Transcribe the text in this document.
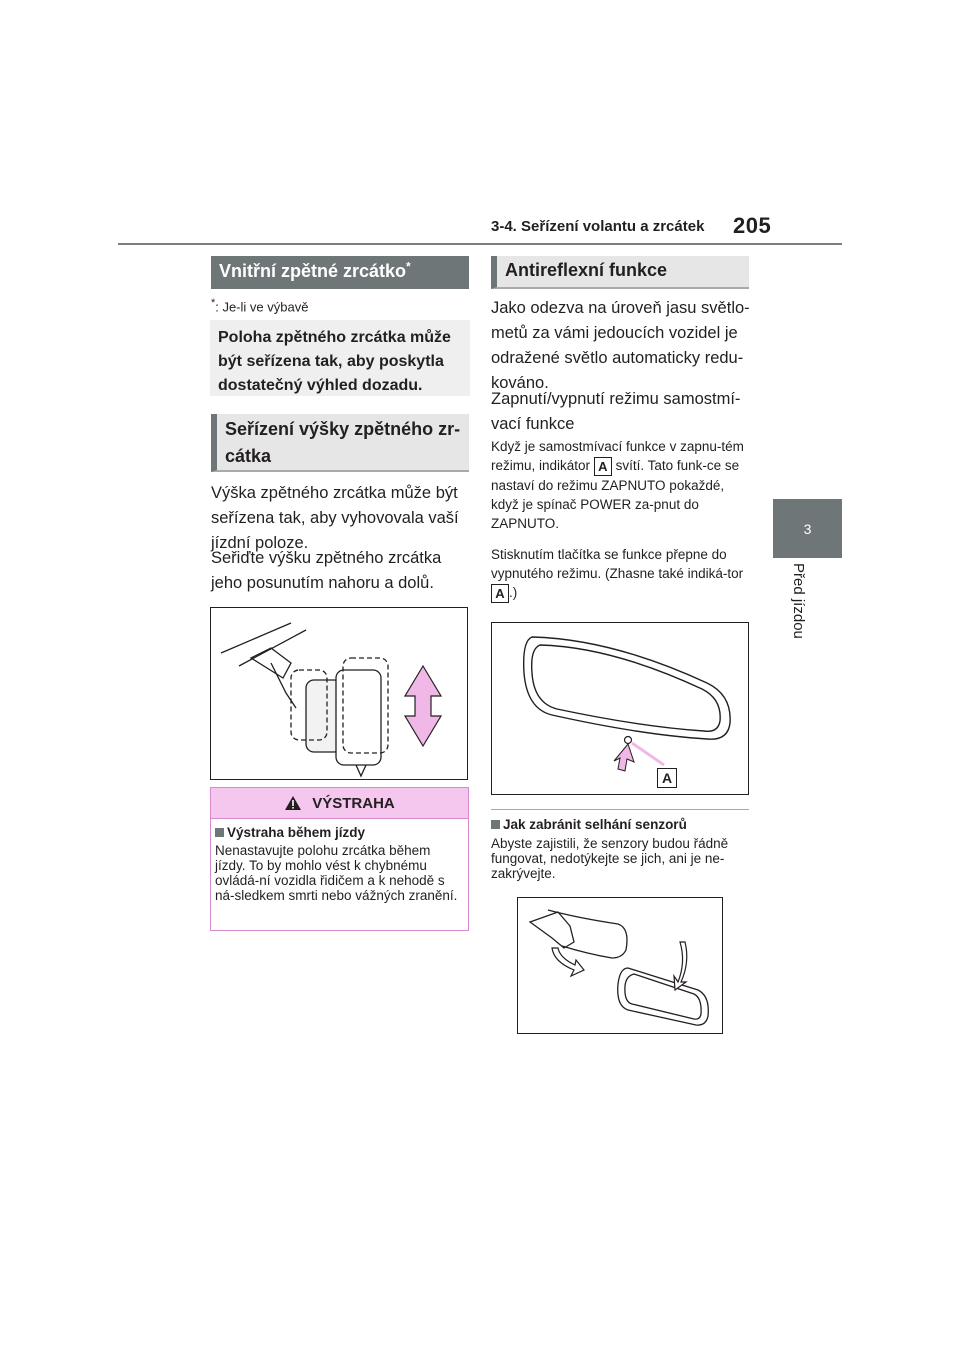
3-4. Seřízení volantu a zrcátek 205
3
Před jízdou
Vnitřní zpětné zrcátko*
*: Je-li ve výbavě
Poloha zpětného zrcátka může být seřízena tak, aby poskytla dostatečný výhled dozadu.
Seřízení výšky zpětného zr-cátka
Výška zpětného zrcátka může být seřízena tak, aby vyhovovala vaší jízdní poloze.
Seřiďte výšku zpětného zrcátka jeho posunutím nahoru a dolů.
VÝSTRAHA
Výstraha během jízdy
Nenastavujte polohu zrcátka během jízdy. To by mohlo vést k chybnému ovládá-ní vozidla řidičem a k nehodě s ná-sledkem smrti nebo vážných zranění.
Antireflexní funkce
Jako odezva na úroveň jasu světlo-metů za vámi jedoucích vozidel je odražené světlo automaticky redu-kováno.
Zapnutí/vypnutí režimu samostmí-vací funkce
Když je samostmívací funkce v zapnu-tém režimu, indikátor A svítí. Tato funk-ce se nastaví do režimu ZAPNUTO pokaždé, když je spínač POWER za-pnut do ZAPNUTO.
Stisknutím tlačítka se funkce přepne do vypnutého režimu. (Zhasne také indiká-tor A .)
A
Jak zabránit selhání senzorů
Abyste zajistili, že senzory budou řádně fungovat, nedotýkejte se jich, ani je ne-zakrývejte.
